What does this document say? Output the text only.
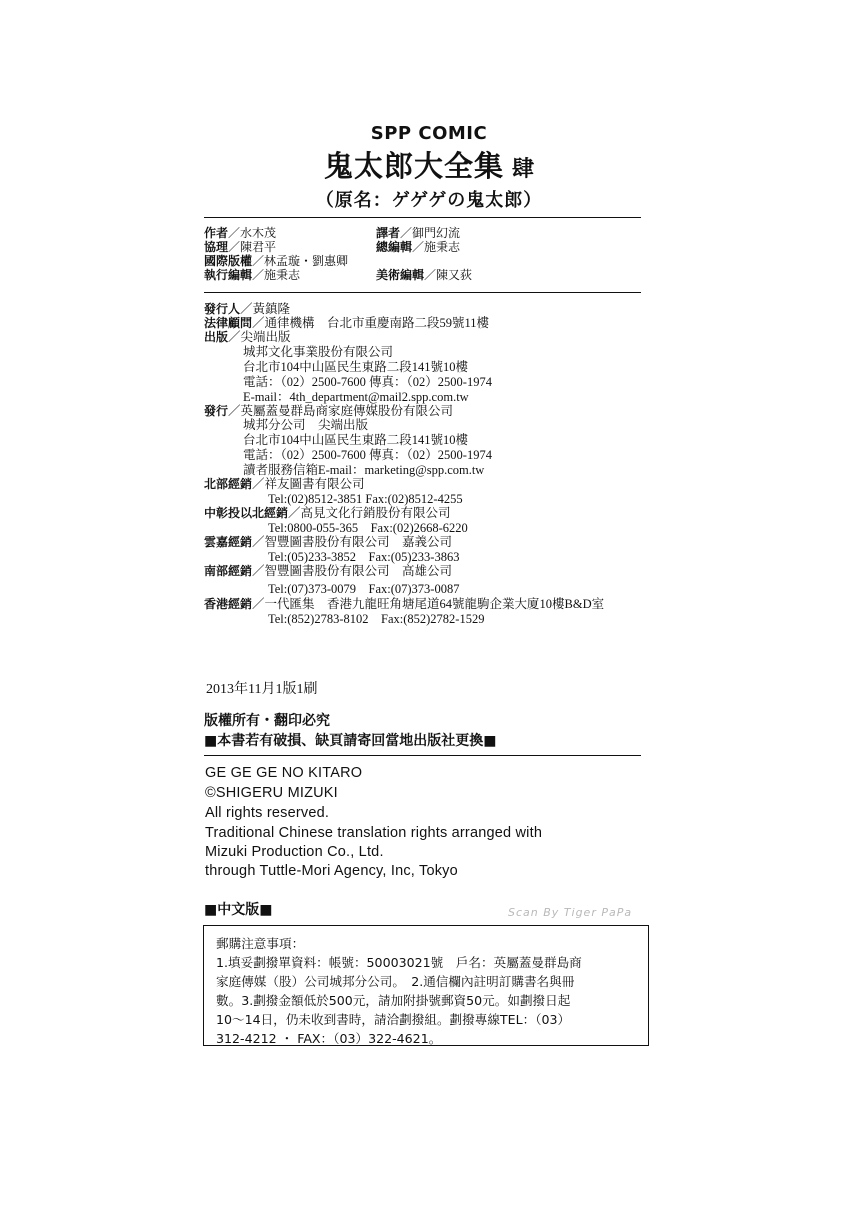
SPP COMIC
鬼太郎大全集 肆
（原名：ゲゲゲの鬼太郎）
作者／水木茂	譯者／御門幻流
協理／陳君平	總編輯／施秉志
國際版權／林孟璇・劉惠卿
執行編輯／施秉志	美術編輯／陳又荻
發行人／黃鎮隆
法律顧問／通律機構　台北市重慶南路二段59號11樓
出版／尖端出版
城邦文化事業股份有限公司
台北市104中山區民生東路二段141號10樓
電話：（02）2500-7600 傳真：（02）2500-1974
E-mail：4th_department@mail2.spp.com.tw
發行／英屬蓋曼群島商家庭傳媒股份有限公司
城邦分公司　尖端出版
台北市104中山區民生東路二段141號10樓
電話：（02）2500-7600 傳真：（02）2500-1974
讀者服務信箱E-mail：marketing@spp.com.tw
北部經銷／祥友圖書有限公司
Tel:(02)8512-3851 Fax:(02)8512-4255
中彰投以北經銷／高見文化行銷股份有限公司
Tel:0800-055-365　Fax:(02)2668-6220
雲嘉經銷／智豐圖書股份有限公司　嘉義公司
Tel:(05)233-3852　Fax:(05)233-3863
南部經銷／智豐圖書股份有限公司　高雄公司
Tel:(07)373-0079　Fax:(07)373-0087
香港經銷／一代匯集　香港九龍旺角塘尾道64號龍駒企業大廈10樓B&D室
Tel:(852)2783-8102　Fax:(852)2782-1529
2013年11月1版1刷
版權所有・翻印必究
■本書若有破損、缺頁請寄回當地出版社更換■
GE GE GE NO KITARO
©SHIGERU MIZUKI
All rights reserved.
Traditional Chinese translation rights arranged with
Mizuki Production Co., Ltd.
through Tuttle-Mori Agency, Inc, Tokyo
■中文版■	Scan By Tiger PaPa
郵購注意事項：
1.填妥劃撥單資料：帳號：50003021號　戶名：英屬蓋曼群島商
家庭傳媒（股）公司城邦分公司。　2.通信欄內註明訂購書名與冊
數。3.劃撥金額低於500元，請加附掛號郵資50元。如劃撥日起
10～14日，仍未收到書時，請洽劃撥組。劃撥專線TEL：（03）
312-4212 ・ FAX：（03）322-4621。
